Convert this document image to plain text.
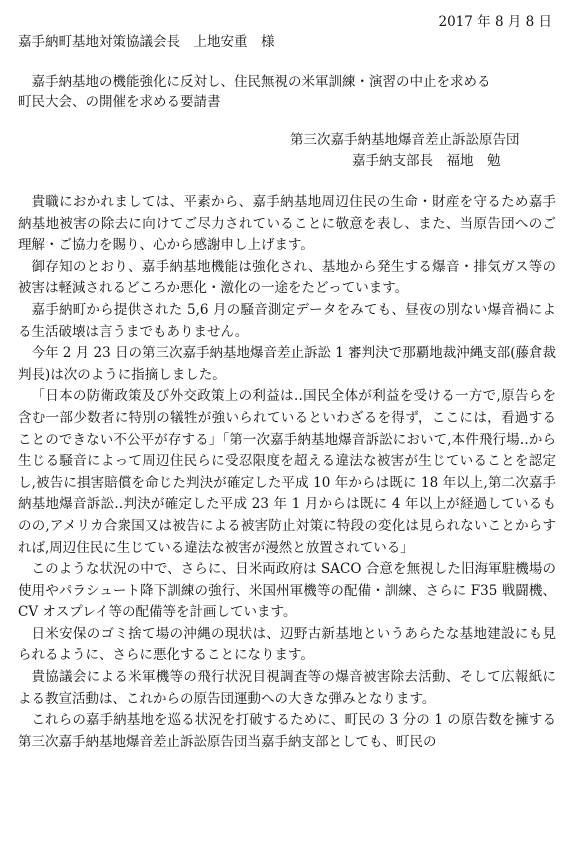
2017 年 8 月 8 日
嘉手納町基地対策協議会長　上地安重　様
嘉手納基地の機能強化に反対し、住民無視の米軍訓練・演習の中止を求める
町民大会、の開催を求める要請書
第三次嘉手納基地爆音差止訴訟原告団
嘉手納支部長　福地　勉

貴職におかれましては、平素から、嘉手納基地周辺住民の生命・財産を守るため嘉手納基地被害の除去に向けてご尽力されていることに敬意を表し、また、当原告団へのご理解・ご協力を賜り、心から感謝申し上げます。

御存知のとおり、嘉手納基地機能は強化され、基地から発生する爆音・排気ガス等の被害は軽減されるどころか悪化・激化の一途をたどっています。

嘉手納町から提供された 5,6 月の騒音測定データをみても、昼夜の別ない爆音禍による生活破壊は言うまでもありません。

今年 2 月 23 日の第三次嘉手納基地爆音差止訴訟 1 審判決で那覇地裁沖縄支部(藤倉裁判長)は次のように指摘しました。

「日本の防衛政策及び外交政策上の利益は‥国民全体が利益を受ける一方で,原告らを含む一部少数者に特別の犠牲が強いられているといわざるを得ず，ここには，看過することのできない不公平が存する」「第一次嘉手納基地爆音訴訟において,本件飛行場‥から生じる騒音によって周辺住民らに受忍限度を超える違法な被害が生じていることを認定し,被告に損害賠償を命じた判決が確定した平成 10 年からは既に 18 年以上,第二次嘉手納基地爆音訴訟‥判決が確定した平成 23 年 1 月からは既に 4 年以上が経過しているものの,アメリカ合衆国又は被告による被害防止対策に特段の変化は見られないことからすれば,周辺住民に生じている違法な被害が漫然と放置されている」

このような状況の中で、さらに、日米両政府は SACO 合意を無視した旧海軍駐機場の使用やパラシュート降下訓練の強行、米国州軍機等の配備・訓練、さらに F35 戦闘機、CV オスプレイ等の配備等を計画しています。

日米安保のゴミ捨て場の沖縄の現状は、辺野古新基地というあらたな基地建設にも見られるように、さらに悪化することになります。

貴協議会による米軍機等の飛行状況目視調査等の爆音被害除去活動、そして広報紙による教宣活動は、これからの原告団運動への大きな弾みとなります。

これらの嘉手納基地を巡る状況を打破するために、町民の 3 分の 1 の原告数を擁する第三次嘉手納基地爆音差止訴訟原告団当嘉手納支部としても、町民の
